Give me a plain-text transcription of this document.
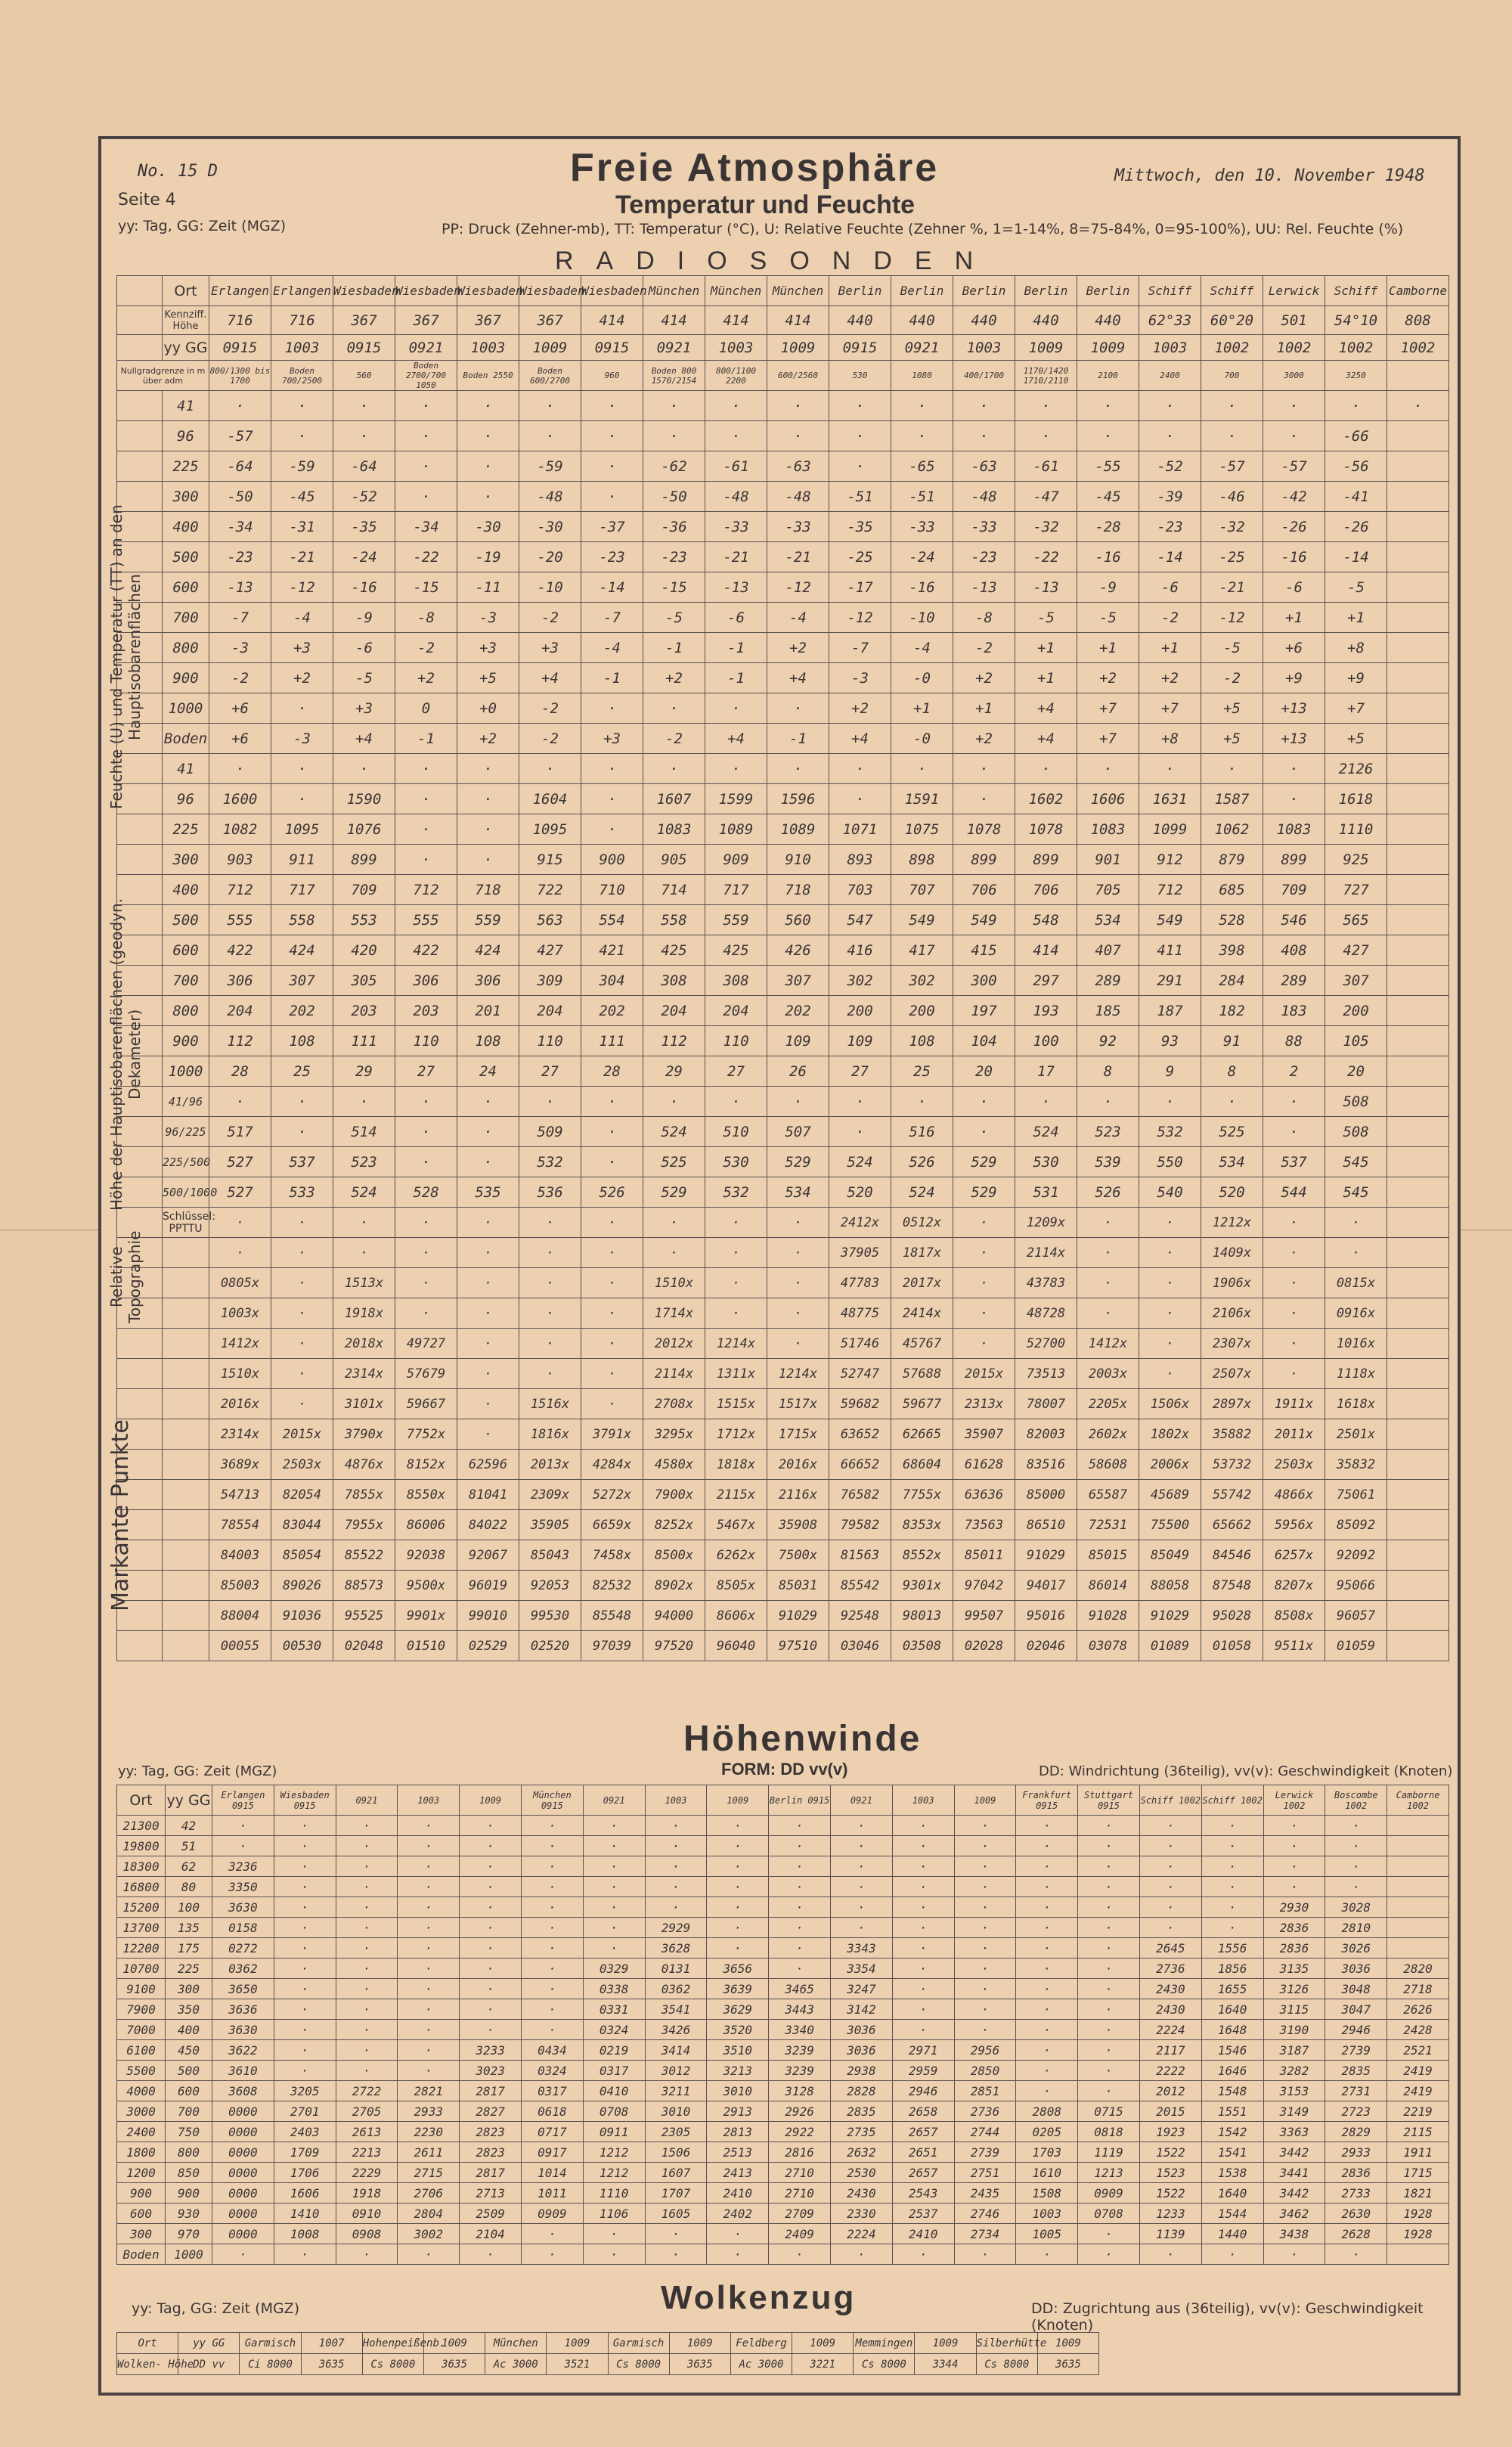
No. 15 D
Seite 4
yy: Tag, GG: Zeit (MGZ)
Mittwoch, den 10. November 1948
Freie Atmosphäre
Temperatur und Feuchte
PP: Druck (Zehner-mb), TT: Temperatur (°C), U: Relative Feuchte (Zehner %, 1=1-14%, 8=75-84%, 0=95-100%), UU: Rel. Feuchte (%)
RADIOSONDEN
	Ort	Erlangen	Erlangen	Wiesbaden	Wiesbaden	Wiesbaden	Wiesbaden	Wiesbaden	München	München	München	Berlin	Berlin	Berlin	Berlin	Berlin	Schiff	Schiff	Lerwick	Schiff	Camborne
	Kennziff. Höhe	716	716	367	367	367	367	414	414	414	414	440	440	440	440	440	62°33	60°20	501	54°10	808
	yy GG	0915	1003	0915	0921	1003	1009	0915	0921	1003	1009	0915	0921	1003	1009	1009	1003	1002	1002	1002	1002
Nullgradgrenze in m über adm		800/1300 bis 1700	Boden 700/2500	560	Boden 2700/700 1050	Boden 2550	Boden 600/2700	960	Boden 800 1570/2154	800/1100 2200	600/2560	530	1080	400/1700	1170/1420 1710/2110	2100	2400	700	3000	3250	
	41	·	·	·	·	·	·	·	·	·	·	·	·	·	·	·	·	·	·	·	·
	96	-57	·	·	·	·	·	·	·	·	·	·	·	·	·	·	·	·	·	-66	
	225	-64	-59	-64	·	·	-59	·	-62	-61	-63	·	-65	-63	-61	-55	-52	-57	-57	-56	
	300	-50	-45	-52	·	·	-48	·	-50	-48	-48	-51	-51	-48	-47	-45	-39	-46	-42	-41	
	400	-34	-31	-35	-34	-30	-30	-37	-36	-33	-33	-35	-33	-33	-32	-28	-23	-32	-26	-26	
	500	-23	-21	-24	-22	-19	-20	-23	-23	-21	-21	-25	-24	-23	-22	-16	-14	-25	-16	-14	
	600	-13	-12	-16	-15	-11	-10	-14	-15	-13	-12	-17	-16	-13	-13	-9	-6	-21	-6	-5	
	700	-7	-4	-9	-8	-3	-2	-7	-5	-6	-4	-12	-10	-8	-5	-5	-2	-12	+1	+1	
	800	-3	+3	-6	-2	+3	+3	-4	-1	-1	+2	-7	-4	-2	+1	+1	+1	-5	+6	+8	
	900	-2	+2	-5	+2	+5	+4	-1	+2	-1	+4	-3	-0	+2	+1	+2	+2	-2	+9	+9	
	1000	+6	·	+3	0	+0	-2	·	·	·	·	+2	+1	+1	+4	+7	+7	+5	+13	+7	
	Boden	+6	-3	+4	-1	+2	-2	+3	-2	+4	-1	+4	-0	+2	+4	+7	+8	+5	+13	+5	
	41	·	·	·	·	·	·	·	·	·	·	·	·	·	·	·	·	·	·	2126	
	96	1600	·	1590	·	·	1604	·	1607	1599	1596	·	1591	·	1602	1606	1631	1587	·	1618	
	225	1082	1095	1076	·	·	1095	·	1083	1089	1089	1071	1075	1078	1078	1083	1099	1062	1083	1110	
	300	903	911	899	·	·	915	900	905	909	910	893	898	899	899	901	912	879	899	925	
	400	712	717	709	712	718	722	710	714	717	718	703	707	706	706	705	712	685	709	727	
	500	555	558	553	555	559	563	554	558	559	560	547	549	549	548	534	549	528	546	565	
	600	422	424	420	422	424	427	421	425	425	426	416	417	415	414	407	411	398	408	427	
	700	306	307	305	306	306	309	304	308	308	307	302	302	300	297	289	291	284	289	307	
	800	204	202	203	203	201	204	202	204	204	202	200	200	197	193	185	187	182	183	200	
	900	112	108	111	110	108	110	111	112	110	109	109	108	104	100	92	93	91	88	105	
	1000	28	25	29	27	24	27	28	29	27	26	27	25	20	17	8	9	8	2	20	
	41/96	·	·	·	·	·	·	·	·	·	·	·	·	·	·	·	·	·	·	508	
	96/225	517	·	514	·	·	509	·	524	510	507	·	516	·	524	523	532	525	·	508	
	225/500	527	537	523	·	·	532	·	525	530	529	524	526	529	530	539	550	534	537	545	
	500/1000	527	533	524	528	535	536	526	529	532	534	520	524	529	531	526	540	520	544	545	
	Schlüssel: PPTTU	·	·	·	·	·	·	·	·	·	·	2412x	0512x	·	1209x	·	·	1212x	·	·	
		·	·	·	·	·	·	·	·	·	·	37905	1817x	·	2114x	·	·	1409x	·	·	
		0805x	·	1513x	·	·	·	·	1510x	·	·	47783	2017x	·	43783	·	·	1906x	·	0815x	
		1003x	·	1918x	·	·	·	·	1714x	·	·	48775	2414x	·	48728	·	·	2106x	·	0916x	
		1412x	·	2018x	49727	·	·	·	2012x	1214x	·	51746	45767	·	52700	1412x	·	2307x	·	1016x	
		1510x	·	2314x	57679	·	·	·	2114x	1311x	1214x	52747	57688	2015x	73513	2003x	·	2507x	·	1118x	
		2016x	·	3101x	59667	·	1516x	·	2708x	1515x	1517x	59682	59677	2313x	78007	2205x	1506x	2897x	1911x	1618x	
		2314x	2015x	3790x	7752x	·	1816x	3791x	3295x	1712x	1715x	63652	62665	35907	82003	2602x	1802x	35882	2011x	2501x	
		3689x	2503x	4876x	8152x	62596	2013x	4284x	4580x	1818x	2016x	66652	68604	61628	83516	58608	2006x	53732	2503x	35832	
		54713	82054	7855x	8550x	81041	2309x	5272x	7900x	2115x	2116x	76582	7755x	63636	85000	65587	45689	55742	4866x	75061	
		78554	83044	7955x	86006	84022	35905	6659x	8252x	5467x	35908	79582	8353x	73563	86510	72531	75500	65662	5956x	85092	
		84003	85054	85522	92038	92067	85043	7458x	8500x	6262x	7500x	81563	8552x	85011	91029	85015	85049	84546	6257x	92092	
		85003	89026	88573	9500x	96019	92053	82532	8902x	8505x	85031	85542	9301x	97042	94017	86014	88058	87548	8207x	95066	
		88004	91036	95525	9901x	99010	99530	85548	94000	8606x	91029	92548	98013	99507	95016	91028	91029	95028	8508x	96057	
		00055	00530	02048	01510	02529	02520	97039	97520	96040	97510	03046	03508	02028	02046	03078	01089	01058	9511x	01059	
Feuchte (U) und Temperatur (TT) an den Hauptisobarenflächen
Höhe der Hauptisobarenflächen (geodyn. Dekameter)
Relative Topographie
Markante Punkte
Höhenwinde
FORM: DD vv(v)
yy: Tag, GG: Zeit (MGZ)	DD: Windrichtung (36teilig), vv(v): Geschwindigkeit (Knoten)
Ort	yy GG	Erlangen 0915	Wiesbaden 0915	0921	1003	1009	München 0915	0921	1003	1009	Berlin 0915	0921	1003	1009	Frankfurt 0915	Stuttgart 0915	Schiff 1002	Schiff 1002	Lerwick 1002	Boscombe 1002	Camborne 1002
21300	42	·	·	·	·	·	·	·	·	·	·	·	·	·	·	·	·	·	·	·	
19800	51	·	·	·	·	·	·	·	·	·	·	·	·	·	·	·	·	·	·	·	
18300	62	3236	·	·	·	·	·	·	·	·	·	·	·	·	·	·	·	·	·	·	
16800	80	3350	·	·	·	·	·	·	·	·	·	·	·	·	·	·	·	·	·	·	
15200	100	3630	·	·	·	·	·	·	·	·	·	·	·	·	·	·	·	·	2930	3028	
13700	135	0158	·	·	·	·	·	·	2929	·	·	·	·	·	·	·	·	·	2836	2810	
12200	175	0272	·	·	·	·	·	·	3628	·	·	3343	·	·	·	·	2645	1556	2836	3026	
10700	225	0362	·	·	·	·	·	0329	0131	3656	·	3354	·	·	·	·	2736	1856	3135	3036	2820
9100	300	3650	·	·	·	·	·	0338	0362	3639	3465	3247	·	·	·	·	2430	1655	3126	3048	2718
7900	350	3636	·	·	·	·	·	0331	3541	3629	3443	3142	·	·	·	·	2430	1640	3115	3047	2626
7000	400	3630	·	·	·	·	·	0324	3426	3520	3340	3036	·	·	·	·	2224	1648	3190	2946	2428
6100	450	3622	·	·	·	3233	0434	0219	3414	3510	3239	3036	2971	2956	·	·	2117	1546	3187	2739	2521
5500	500	3610	·	·	·	3023	0324	0317	3012	3213	3239	2938	2959	2850	·	·	2222	1646	3282	2835	2419
4000	600	3608	3205	2722	2821	2817	0317	0410	3211	3010	3128	2828	2946	2851	·	·	2012	1548	3153	2731	2419
3000	700	0000	2701	2705	2933	2827	0618	0708	3010	2913	2926	2835	2658	2736	2808	0715	2015	1551	3149	2723	2219
2400	750	0000	2403	2613	2230	2823	0717	0911	2305	2813	2922	2735	2657	2744	0205	0818	1923	1542	3363	2829	2115
1800	800	0000	1709	2213	2611	2823	0917	1212	1506	2513	2816	2632	2651	2739	1703	1119	1522	1541	3442	2933	1911
1200	850	0000	1706	2229	2715	2817	1014	1212	1607	2413	2710	2530	2657	2751	1610	1213	1523	1538	3441	2836	1715
900	900	0000	1606	1918	2706	2713	1011	1110	1707	2410	2710	2430	2543	2435	1508	0909	1522	1640	3442	2733	1821
600	930	0000	1410	0910	2804	2509	0909	1106	1605	2402	2709	2330	2537	2746	1003	0708	1233	1544	3462	2630	1928
300	970	0000	1008	0908	3002	2104	·	·	·	·	2409	2224	2410	2734	1005	·	1139	1440	3438	2628	1928
Boden	1000	·	·	·	·	·	·	·	·	·	·	·	·	·	·	·	·	·	·	·	
Wolkenzug
yy: Tag, GG: Zeit (MGZ)	DD: Zugrichtung aus (36teilig), vv(v): Geschwindigkeit (Knoten)
Ort	yy GG	Garmisch	1007	Hohenpeißenb.	1009	München	1009	Garmisch	1009	Feldberg	1009	Memmingen	1009	Silberhütte	1009
Wolken- Höhe	DD vv	Ci 8000	3635	Cs 8000	3635	Ac 3000	3521	Cs 8000	3635	Ac 3000	3221	Cs 8000	3344	Cs 8000	3635
